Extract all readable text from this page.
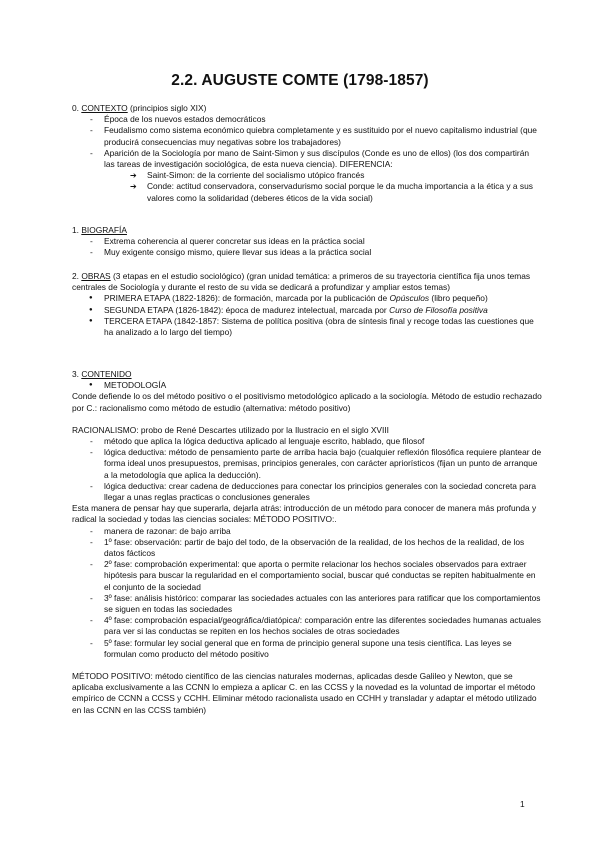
2.2. AUGUSTE COMTE (1798-1857)

0. CONTEXTO (principios siglo XIX)

- Época de los nuevos estados democráticos
- Feudalismo como sistema económico quiebra completamente y es sustituido por el nuevo capitalismo industrial (que producirá consecuencias muy negativas sobre los trabajadores)
- Aparición de la Sociología por mano de Saint-Simon y sus discípulos (Conde es uno de ellos) (los dos compartirán las tareas de investigación sociológica, de esta nueva ciencia). DIFERENCIA:
➔ Saint-Simon: de la corriente del socialismo utópico francés
➔ Conde: actitud conservadora, conservadurismo social porque le da mucha importancia a la ética y a sus valores como la solidaridad (deberes éticos de la vida social)

1. BIOGRAFÍA

- Extrema coherencia al querer concretar sus ideas en la práctica social
- Muy exigente consigo mismo, quiere llevar sus ideas a la práctica social

2. OBRAS (3 etapas en el estudio sociológico) (gran unidad temática: a primeros de su trayectoria científica fija unos temas centrales de Sociología y durante el resto de su vida se dedicará a profundizar y ampliar estos temas)

● PRIMERA ETAPA (1822-1826): de formación, marcada por la publicación de Opúsculos (libro pequeño)
● SEGUNDA ETAPA (1826-1842): época de madurez intelectual, marcada por Curso de Filosofía positiva
● TERCERA ETAPA (1842-1857: Sistema de política positiva (obra de síntesis final y recoge todas las cuestiones que ha analizado a lo largo del tiempo)

3. CONTENIDO

● METODOLOGÍA

Conde defiende lo os del método positivo o el positivismo metodológico aplicado a la sociología. Método de estudio rechazado por C.: racionalismo como método de estudio (alternativa: método positivo)

RACIONALISMO: probo de René Descartes utilizado por la Ilustracio en el siglo XVIII

- método que aplica la lógica deductiva aplicado al lenguaje escrito, hablado, que filosof
- lógica deductiva: método de pensamiento parte de arriba hacia bajo (cualquier reflexión filosófica requiere plantear de forma ideal unos presupuestos, premisas, principios generales, con carácter apriorísticos (fijan un punto de arranque a la metodología que aplica la deducción).
- lógica deductiva: crear cadena de deducciones para conectar los principios generales con la sociedad concreta para llegar a unas reglas practicas o conclusiones generales

Esta manera de pensar hay que superarla, dejarla atrás: introducción de un método para conocer de manera más profunda y radical la sociedad y todas las ciencias sociales: MÉTODO POSITIVO:.

- manera de razonar: de bajo arriba
- 1º fase: observación: partir de bajo del todo, de la observación de la realidad, de los hechos de la realidad, de los datos fácticos
- 2º fase: comprobación experimental: que aporta o permite relacionar los hechos sociales observados para extraer hipótesis para buscar la regularidad en el comportamiento social, buscar qué conductas se repiten habitualmente en el conjunto de la sociedad
- 3º fase: análisis histórico: comparar las sociedades actuales con las anteriores para ratificar que los comportamientos se siguen en todas las sociedades
- 4º fase: comprobación espacial/geográfica/diatópica/: comparación entre las diferentes sociedades humanas actuales para ver si las conductas se repiten en los hechos sociales de otras sociedades
- 5º fase: formular ley social general que en forma de principio general supone una tesis científica. Las leyes se formulan como producto del método positivo

MÉTODO POSITIVO: método científico de las ciencias naturales modernas, aplicadas desde Galileo y Newton, que se aplicaba exclusivamente a las CCNN lo empieza a aplicar C. en las CCSS y la novedad es la voluntad de importar el método empírico de CCNN a CCSS y CCHH. Eliminar método racionalista usado en CCHH y transladar y adaptar el método utilizado en las CCNN en las CCSS también)

1
